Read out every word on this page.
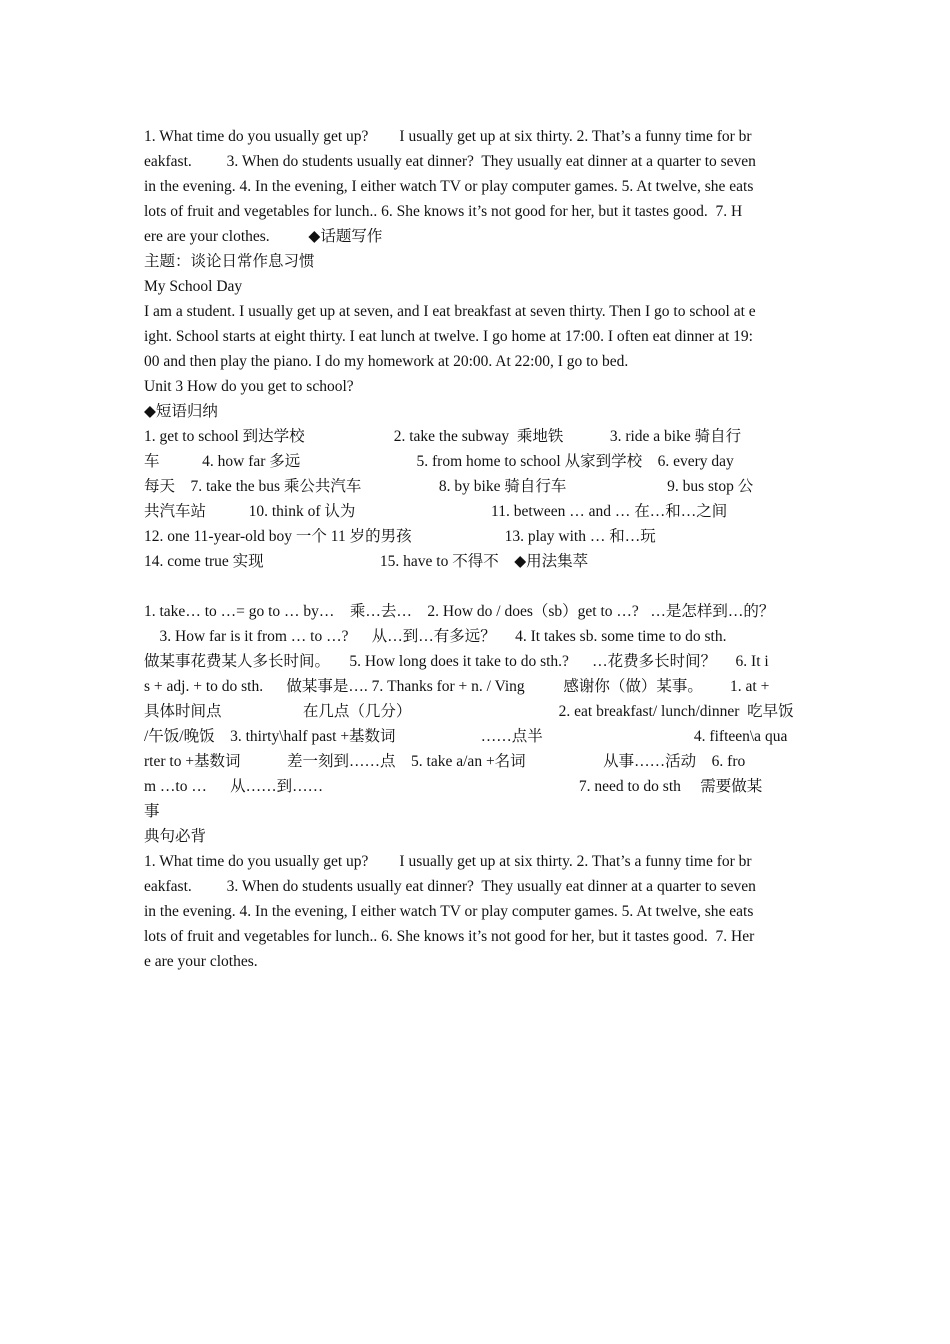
1. What time do you usually get up?        I usually get up at six thirty. 2. That’s a funny time for br
eakfast.         3. When do students usually eat dinner?  They usually eat dinner at a quarter to seven
in the evening. 4. In the evening, I either watch TV or play computer games. 5. At twelve, she eats
lots of fruit and vegetables for lunch.. 6. She knows it’s not good for her, but it tastes good.  7. H
ere are your clothes.          ◆话题写作
主题：谈论日常作息习惯
My School Day
I am a student. I usually get up at seven, and I eat breakfast at seven thirty. Then I go to school at e
ight. School starts at eight thirty. I eat lunch at twelve. I go home at 17:00. I often eat dinner at 19:
00 and then play the piano. I do my homework at 20:00. At 22:00, I go to bed.
Unit 3 How do you get to school?
◆短语归纳
1. get to school 到达学校                       2. take the subway  乘地铁            3. ride a bike 骑自行
车           4. how far 多远                              5. from home to school 从家到学校    6. every day
每天    7. take the bus 乘公共汽车                    8. by bike 骑自行车                          9. bus stop 公
共汽车站           10. think of 认为                                   11. between … and … 在…和…之间
12. one 11-year-old boy 一个 11 岁的男孩                        13. play with … 和…玩
14. come true 实现                              15. have to 不得不    ◆用法集萃
1. take… to …= go to … by…    乘…去…    2. How do / does（sb）get to …?   …是怎样到…的？
3. How far is it from … to …?      从…到…有多远？     4. It takes sb. some time to do sth.
做某事花费某人多长时间。     5. How long does it take to do sth.?      …花费多长时间？     6. It i
s + adj. + to do sth.      做某事是…. 7. Thanks for + n. / Ving          感谢你（做）某事。       1. at +
具体时间点                     在几点（几分）                                      2. eat breakfast/ lunch/dinner  吃早饭
/午饭/晚饭    3. thirty\half past +基数词                      ……点半                                       4. fifteen\a qua
rter to +基数词            差一刻到……点    5. take a/an +名词                    从事……活动    6. fro
m …to …      从……到……                                                                  7. need to do sth     需要做某
事
典句必背
1. What time do you usually get up?        I usually get up at six thirty. 2. That’s a funny time for br
eakfast.         3. When do students usually eat dinner?  They usually eat dinner at a quarter to seven
in the evening. 4. In the evening, I either watch TV or play computer games. 5. At twelve, she eats
lots of fruit and vegetables for lunch.. 6. She knows it’s not good for her, but it tastes good.  7. Her
e are your clothes.
